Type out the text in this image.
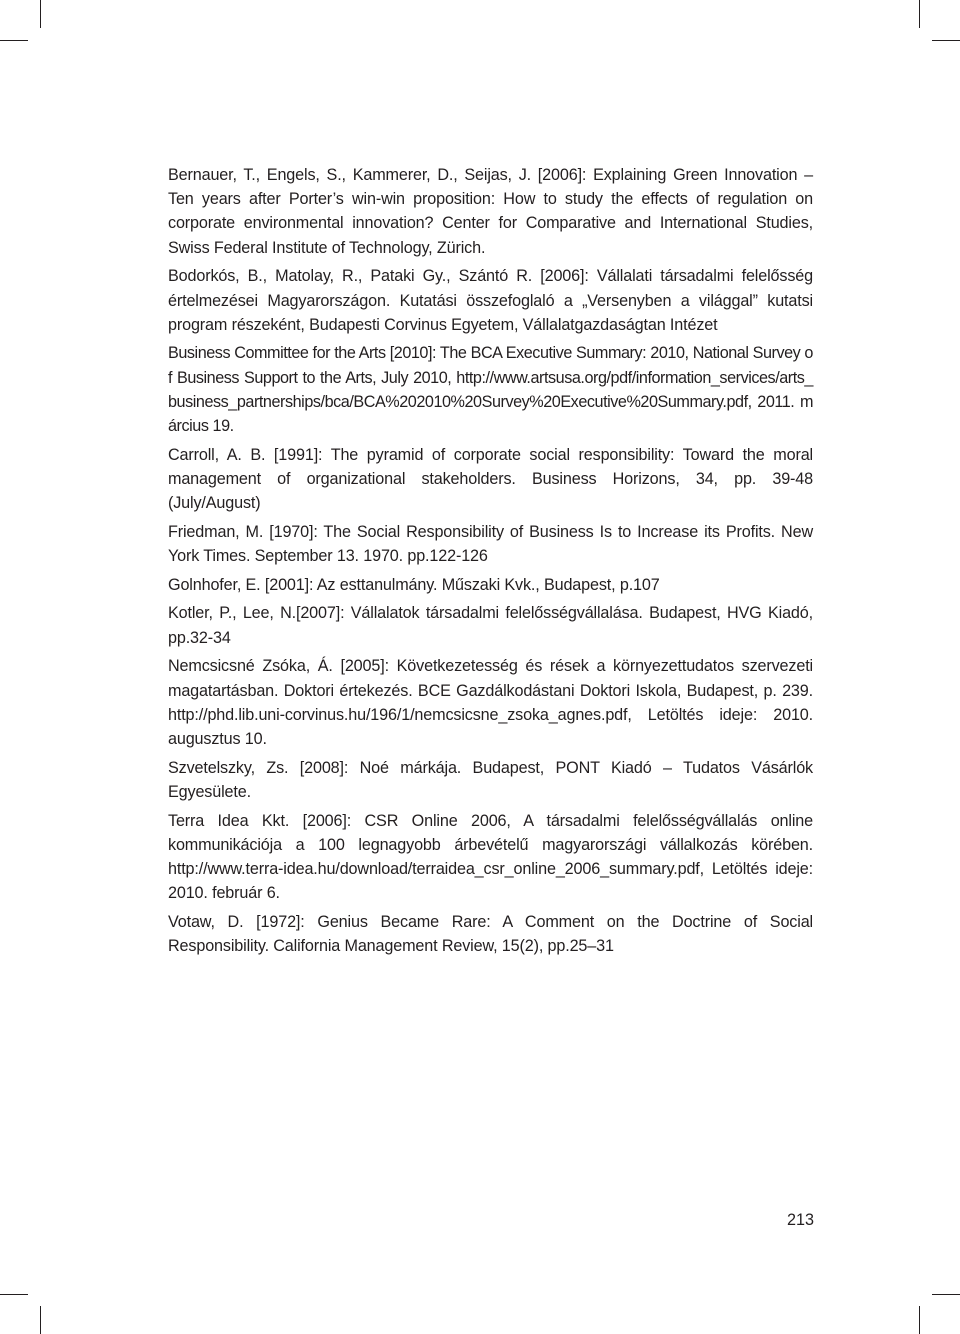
Bernauer, T., Engels, S., Kammerer, D., Seijas, J. [2006]: Explaining Green Innovation – Ten years after Porter’s win-win proposition: How to study the effects of regulation on corporate environmental innovation? Center for Comparative and International Studies, Swiss Federal Institute of Technology, Zürich.
Bodorkós, B., Matolay, R., Pataki Gy., Szántó R. [2006]: Vállalati társadalmi felelősség értelmezései Magyarországon. Kutatási összefoglaló a „Versenyben a világgal” kutatsi program részeként, Budapesti Corvinus Egyetem, Vállalatgazdaságtan Intézet
Business Committee for the Arts [2010]: The BCA Executive Summary: 2010, National Survey of Business Support to the Arts, July 2010, http://www.artsusa.org/pdf/information_services/arts_business_partnerships/bca/BCA%202010%20Survey%20Executive%20Summary.pdf, 2011. március 19.
Carroll, A. B. [1991]: The pyramid of corporate social responsibility: Toward the moral management of organizational stakeholders. Business Horizons, 34, pp. 39-48 (July/August)
Friedman, M. [1970]: The Social Responsibility of Business Is to Increase its Profits. New York Times. September 13. 1970. pp.122-126
Golnhofer, E. [2001]: Az esttanulmány. Műszaki Kvk., Budapest, p.107
Kotler, P., Lee, N.[2007]: Vállalatok társadalmi felelősségvállalása. Budapest, HVG Kiadó, pp.32-34
Nemcsicsné Zsóka, Á. [2005]: Következetesség és rések a környezettudatos szervezeti magatartásban. Doktori értekezés. BCE Gazdálkodástani Doktori Iskola, Budapest, p. 239. http://phd.lib.uni-corvinus.hu/196/1/nemcsicsne_zsoka_agnes.pdf, Letöltés ideje: 2010. augusztus 10.
Szvetelszky, Zs. [2008]: Noé márkája. Budapest, PONT Kiadó – Tudatos Vásárlók Egyesülete.
Terra Idea Kkt. [2006]: CSR Online 2006, A társadalmi felelősségvállalás online kommunikációja a 100 legnagyobb árbevételű magyarországi vállalkozás körében. http://www.terra-idea.hu/download/terraidea_csr_online_2006_summary.pdf, Letöltés ideje: 2010. február 6.
Votaw, D. [1972]: Genius Became Rare: A Comment on the Doctrine of Social Responsibility. California Management Review, 15(2), pp.25–31
213
